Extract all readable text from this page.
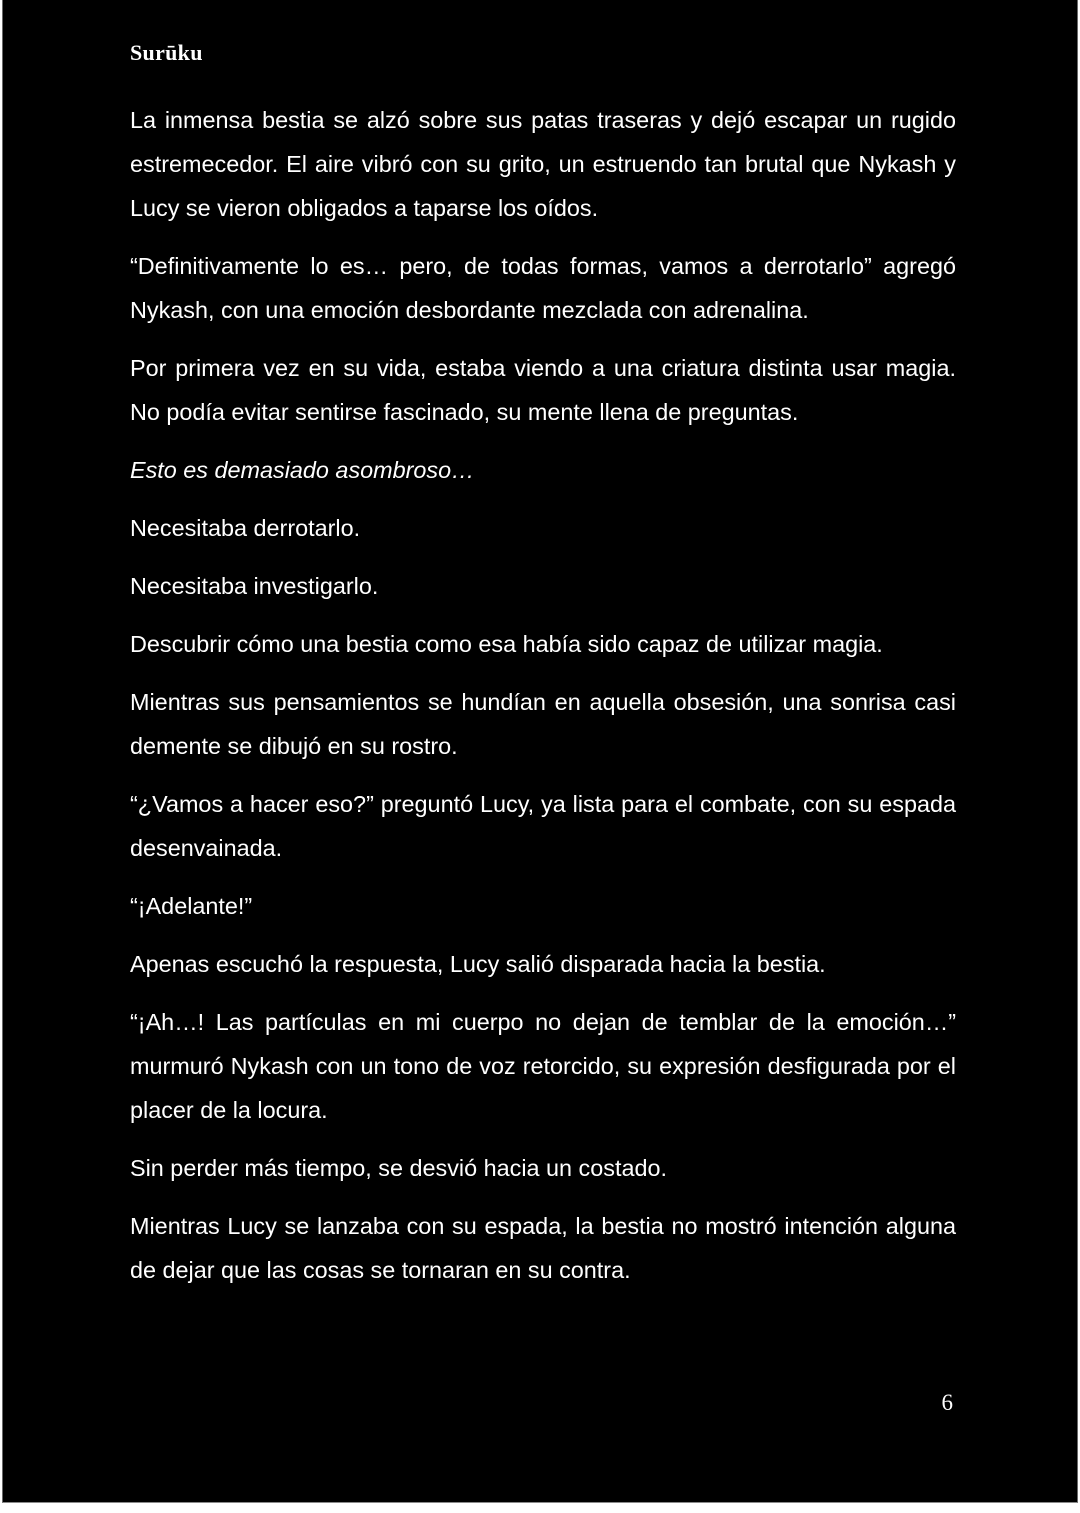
Surūku

La inmensa bestia se alzó sobre sus patas traseras y dejó escapar un rugido estremecedor. El aire vibró con su grito, un estruendo tan brutal que Nykash y Lucy se vieron obligados a taparse los oídos.

“Definitivamente lo es… pero, de todas formas, vamos a derrotarlo” agregó Nykash, con una emoción desbordante mezclada con adrenalina.

Por primera vez en su vida, estaba viendo a una criatura distinta usar magia. No podía evitar sentirse fascinado, su mente llena de preguntas.

Esto es demasiado asombroso…

Necesitaba derrotarlo.

Necesitaba investigarlo.

Descubrir cómo una bestia como esa había sido capaz de utilizar magia.

Mientras sus pensamientos se hundían en aquella obsesión, una sonrisa casi demente se dibujó en su rostro.

“¿Vamos a hacer eso?” preguntó Lucy, ya lista para el combate, con su espada desenvainada.

“¡Adelante!”

Apenas escuchó la respuesta, Lucy salió disparada hacia la bestia.

“¡Ah…! Las partículas en mi cuerpo no dejan de temblar de la emoción…” murmuró Nykash con un tono de voz retorcido, su expresión desfigurada por el placer de la locura.

Sin perder más tiempo, se desvió hacia un costado.

Mientras Lucy se lanzaba con su espada, la bestia no mostró intención alguna de dejar que las cosas se tornaran en su contra.

6
